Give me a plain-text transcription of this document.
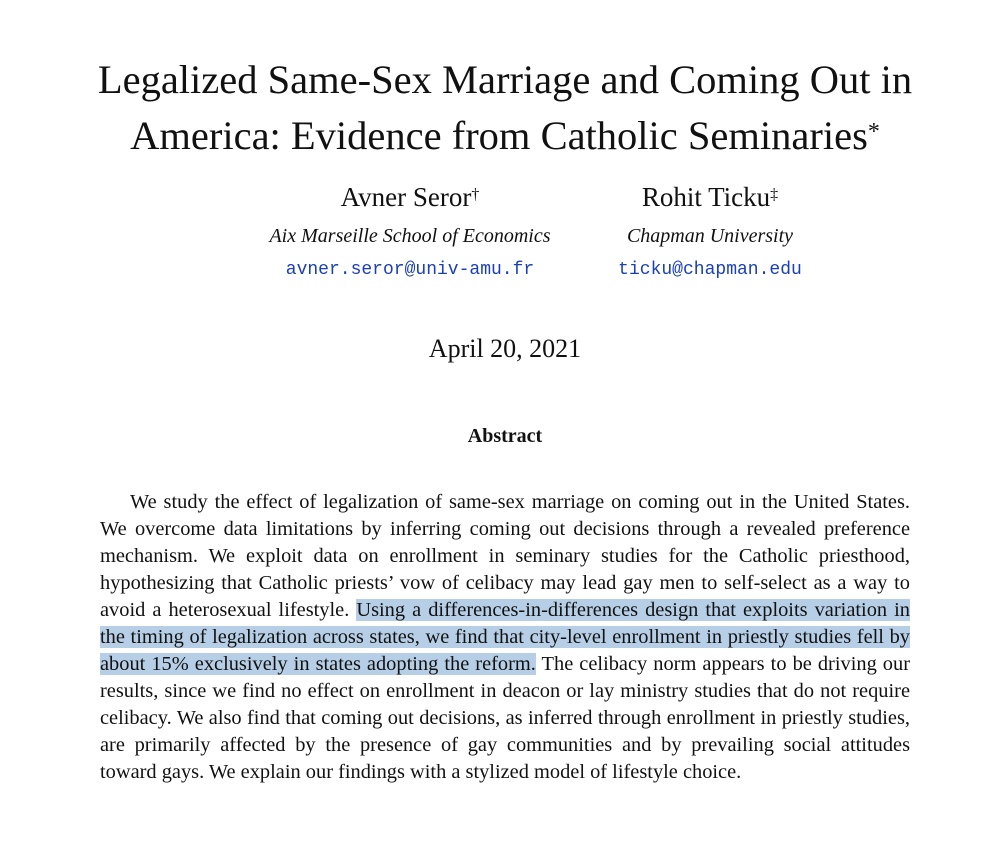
Legalized Same-Sex Marriage and Coming Out in America: Evidence from Catholic Seminaries*
Avner Seror†
Aix Marseille School of Economics
avner.seror@univ-amu.fr
Rohit Ticku‡
Chapman University
ticku@chapman.edu
April 20, 2021
Abstract

We study the effect of legalization of same-sex marriage on coming out in the United States. We overcome data limitations by inferring coming out decisions through a revealed preference mechanism. We exploit data on enrollment in seminary studies for the Catholic priesthood, hypothesizing that Catholic priests’ vow of celibacy may lead gay men to self-select as a way to avoid a heterosexual lifestyle. Using a differences-in-differences design that exploits variation in the timing of legalization across states, we find that city-level enrollment in priestly studies fell by about 15% exclusively in states adopting the reform. The celibacy norm appears to be driving our results, since we find no effect on enrollment in deacon or lay ministry studies that do not require celibacy. We also find that coming out decisions, as inferred through enrollment in priestly studies, are primarily affected by the presence of gay communities and by prevailing social attitudes toward gays. We explain our findings with a stylized model of lifestyle choice.
